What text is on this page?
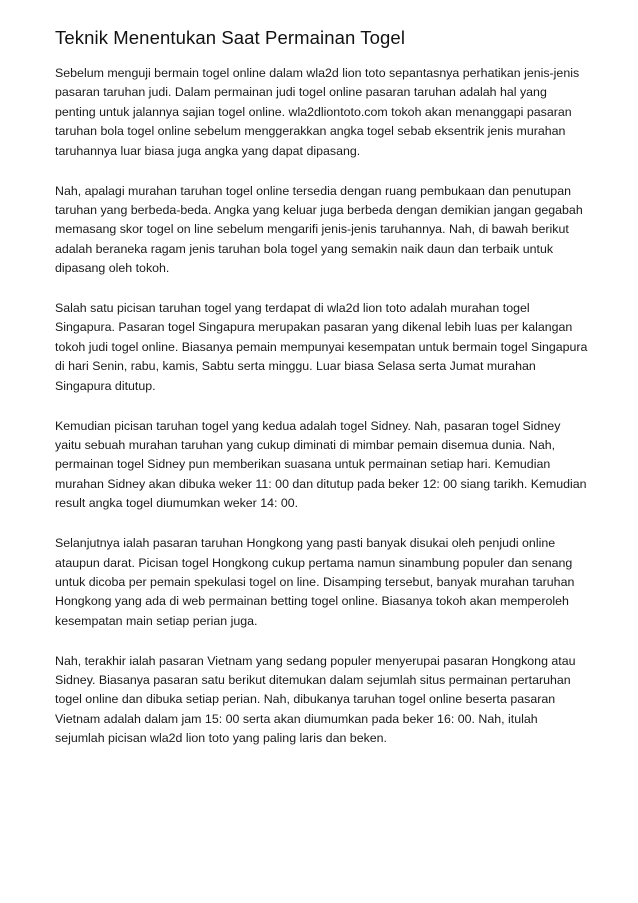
Teknik Menentukan Saat Permainan Togel

Sebelum menguji bermain togel online dalam wla2d lion toto sepantasnya perhatikan jenis-jenis pasaran taruhan judi. Dalam permainan judi togel online pasaran taruhan adalah hal yang penting untuk jalannya sajian togel online. wla2dliontoto.com tokoh akan menanggapi pasaran taruhan bola togel online sebelum menggerakkan angka togel sebab eksentrik jenis murahan taruhannya luar biasa juga angka yang dapat dipasang.

Nah, apalagi murahan taruhan togel online tersedia dengan ruang pembukaan dan penutupan taruhan yang berbeda-beda. Angka yang keluar juga berbeda dengan demikian jangan gegabah memasang skor togel on line sebelum mengarifi jenis-jenis taruhannya. Nah, di bawah berikut adalah beraneka ragam jenis taruhan bola togel yang semakin naik daun dan terbaik untuk dipasang oleh tokoh.

Salah satu picisan taruhan togel yang terdapat di wla2d lion toto adalah murahan togel Singapura. Pasaran togel Singapura merupakan pasaran yang dikenal lebih luas per kalangan tokoh judi togel online. Biasanya pemain mempunyai kesempatan untuk bermain togel Singapura di hari Senin, rabu, kamis, Sabtu serta minggu. Luar biasa Selasa serta Jumat murahan Singapura ditutup.

Kemudian picisan taruhan togel yang kedua adalah togel Sidney. Nah, pasaran togel Sidney yaitu sebuah murahan taruhan yang cukup diminati di mimbar pemain disemua dunia. Nah, permainan togel Sidney pun memberikan suasana untuk permainan setiap hari. Kemudian murahan Sidney akan dibuka weker 11: 00 dan ditutup pada beker 12: 00 siang tarikh. Kemudian result angka togel diumumkan weker 14: 00.

Selanjutnya ialah pasaran taruhan Hongkong yang pasti banyak disukai oleh penjudi online ataupun darat. Picisan togel Hongkong cukup pertama namun sinambung populer dan senang untuk dicoba per pemain spekulasi togel on line. Disamping tersebut, banyak murahan taruhan Hongkong yang ada di web permainan betting togel online. Biasanya tokoh akan memperoleh kesempatan main setiap perian juga.

Nah, terakhir ialah pasaran Vietnam yang sedang populer menyerupai pasaran Hongkong atau Sidney. Biasanya pasaran satu berikut ditemukan dalam sejumlah situs permainan pertaruhan togel online dan dibuka setiap perian. Nah, dibukanya taruhan togel online beserta pasaran Vietnam adalah dalam jam 15: 00 serta akan diumumkan pada beker 16: 00. Nah, itulah sejumlah picisan wla2d lion toto yang paling laris dan beken.
